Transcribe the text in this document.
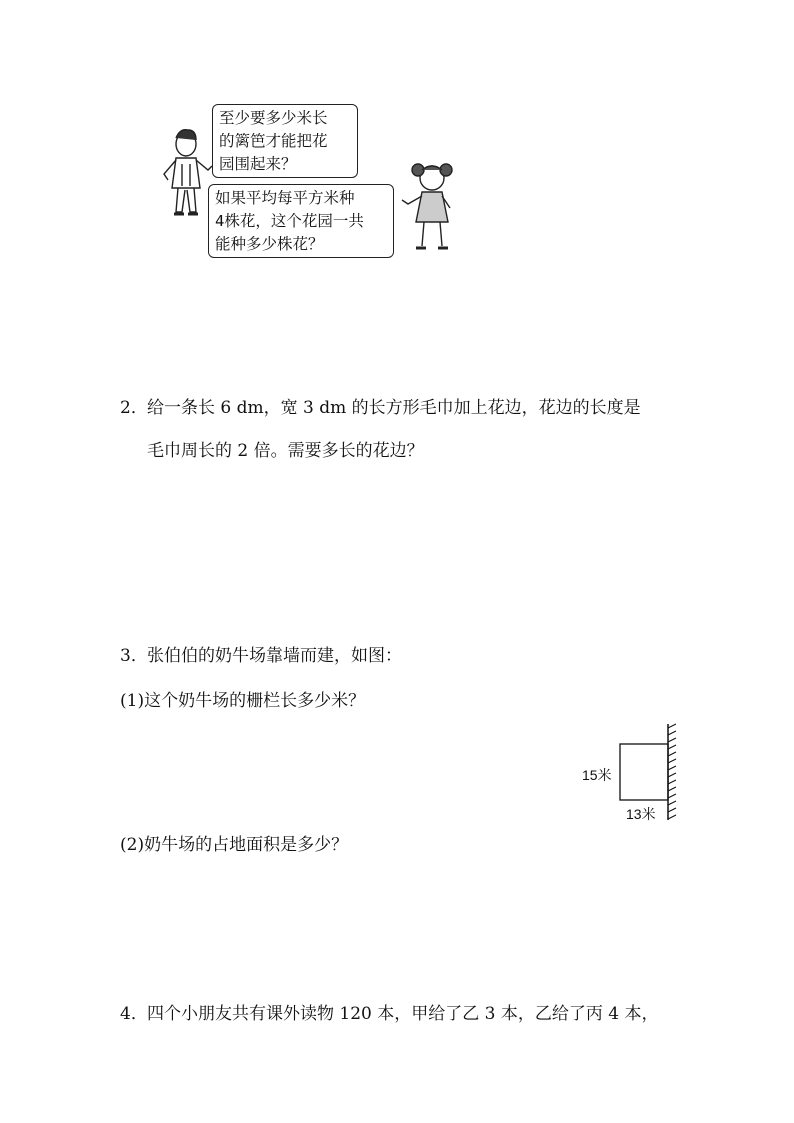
至少要多少米长
的篱笆才能把花
园围起来？
如果平均每平方米种
4株花，这个花园一共
能种多少株花？
2． 给一条长 6 dm，宽 3 dm 的长方形毛巾加上花边，花边的长度是
毛巾周长的 2 倍。需要多长的花边？
3． 张伯伯的奶牛场靠墙而建，如图：
(1)这个奶牛场的栅栏长多少米？
15米
13米
(2)奶牛场的占地面积是多少？
4． 四个小朋友共有课外读物 120 本，甲给了乙 3 本，乙给了丙 4 本，
